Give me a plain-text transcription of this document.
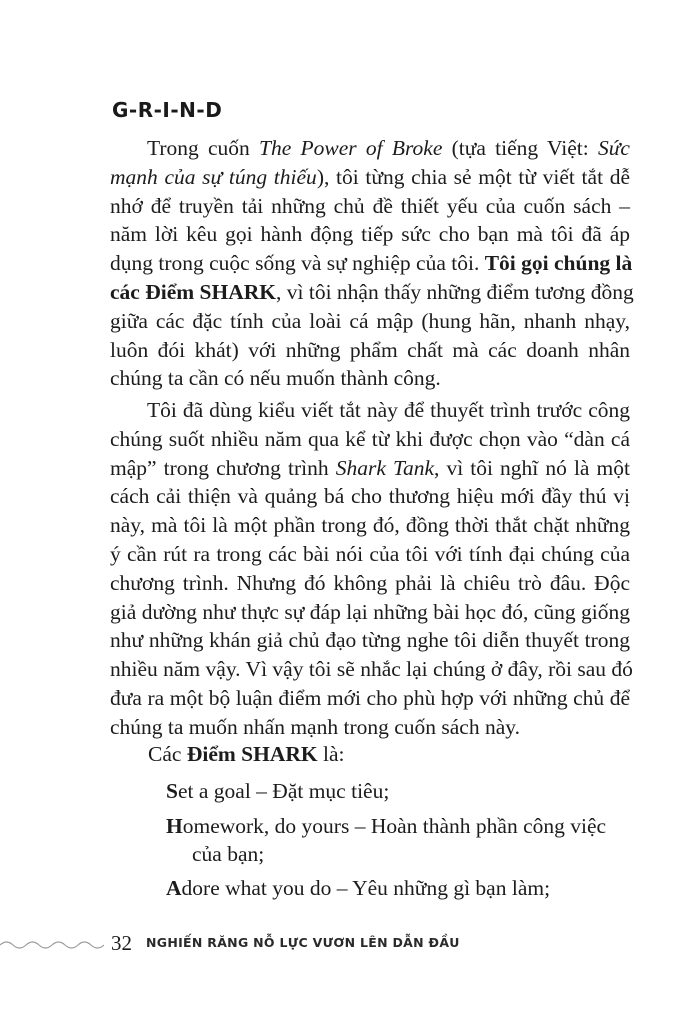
G-R-I-N-D
Trong cuốn The Power of Broke (tựa tiếng Việt: Sức
mạnh của sự túng thiếu), tôi từng chia sẻ một từ viết tắt dễ
nhớ để truyền tải những chủ đề thiết yếu của cuốn sách –
năm lời kêu gọi hành động tiếp sức cho bạn mà tôi đã áp
dụng trong cuộc sống và sự nghiệp của tôi. Tôi gọi chúng là
các Điểm SHARK, vì tôi nhận thấy những điểm tương đồng
giữa các đặc tính của loài cá mập (hung hãn, nhanh nhạy,
luôn đói khát) với những phẩm chất mà các doanh nhân
chúng ta cần có nếu muốn thành công.
Tôi đã dùng kiểu viết tắt này để thuyết trình trước công
chúng suốt nhiều năm qua kể từ khi được chọn vào “dàn cá
mập” trong chương trình Shark Tank, vì tôi nghĩ nó là một
cách cải thiện và quảng bá cho thương hiệu mới đầy thú vị
này, mà tôi là một phần trong đó, đồng thời thắt chặt những
ý cần rút ra trong các bài nói của tôi với tính đại chúng của
chương trình. Nhưng đó không phải là chiêu trò đâu. Độc
giả dường như thực sự đáp lại những bài học đó, cũng giống
như những khán giả chủ đạo từng nghe tôi diễn thuyết trong
nhiều năm vậy. Vì vậy tôi sẽ nhắc lại chúng ở đây, rồi sau đó
đưa ra một bộ luận điểm mới cho phù hợp với những chủ để
chúng ta muốn nhấn mạnh trong cuốn sách này.
Các Điểm SHARK là:
Set a goal – Đặt mục tiêu;
Homework, do yours – Hoàn thành phần công việc
của bạn;
Adore what you do – Yêu những gì bạn làm;
32 NGHIẾN RĂNG NỖ LỰC VƯƠN LÊN DẪN ĐẦU
